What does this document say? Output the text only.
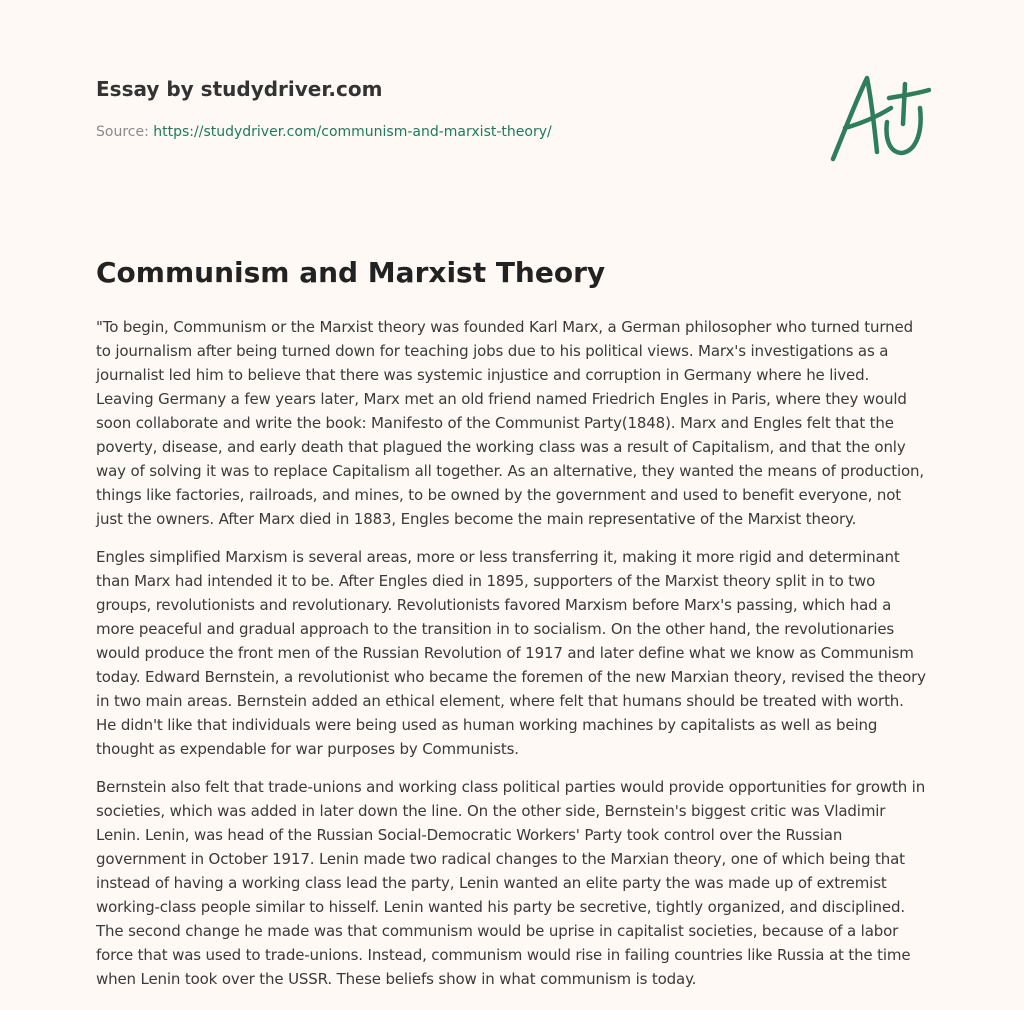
Essay by studydriver.com

Source: https://studydriver.com/communism-and-marxist-theory/

Communism and Marxist Theory

"To begin, Communism or the Marxist theory was founded Karl Marx, a German philosopher who turned turned to journalism after being turned down for teaching jobs due to his political views. Marx's investigations as a journalist led him to believe that there was systemic injustice and corruption in Germany where he lived. Leaving Germany a few years later, Marx met an old friend named Friedrich Engles in Paris, where they would soon collaborate and write the book: Manifesto of the Communist Party(1848). Marx and Engles felt that the poverty, disease, and early death that plagued the working class was a result of Capitalism, and that the only way of solving it was to replace Capitalism all together. As an alternative, they wanted the means of production, things like factories, railroads, and mines, to be owned by the government and used to benefit everyone, not just the owners. After Marx died in 1883, Engles become the main representative of the Marxist theory.

Engles simplified Marxism is several areas, more or less transferring it, making it more rigid and determinant than Marx had intended it to be. After Engles died in 1895, supporters of the Marxist theory split in to two groups, revolutionists and revolutionary. Revolutionists favored Marxism before Marx's passing, which had a more peaceful and gradual approach to the transition in to socialism. On the other hand, the revolutionaries would produce the front men of the Russian Revolution of 1917 and later define what we know as Communism today. Edward Bernstein, a revolutionist who became the foremen of the new Marxian theory, revised the theory in two main areas. Bernstein added an ethical element, where felt that humans should be treated with worth. He didn't like that individuals were being used as human working machines by capitalists as well as being thought as expendable for war purposes by Communists.

Bernstein also felt that trade-unions and working class political parties would provide opportunities for growth in societies, which was added in later down the line. On the other side, Bernstein's biggest critic was Vladimir Lenin. Lenin, was head of the Russian Social-Democratic Workers' Party took control over the Russian government in October 1917. Lenin made two radical changes to the Marxian theory, one of which being that instead of having a working class lead the party, Lenin wanted an elite party the was made up of extremist working-class people similar to hisself. Lenin wanted his party be secretive, tightly organized, and disciplined. The second change he made was that communism would be uprise in capitalist societies, because of a labor force that was used to trade-unions. Instead, communism would rise in failing countries like Russia at the time when Lenin took over the USSR. These beliefs show in what communism is today.
